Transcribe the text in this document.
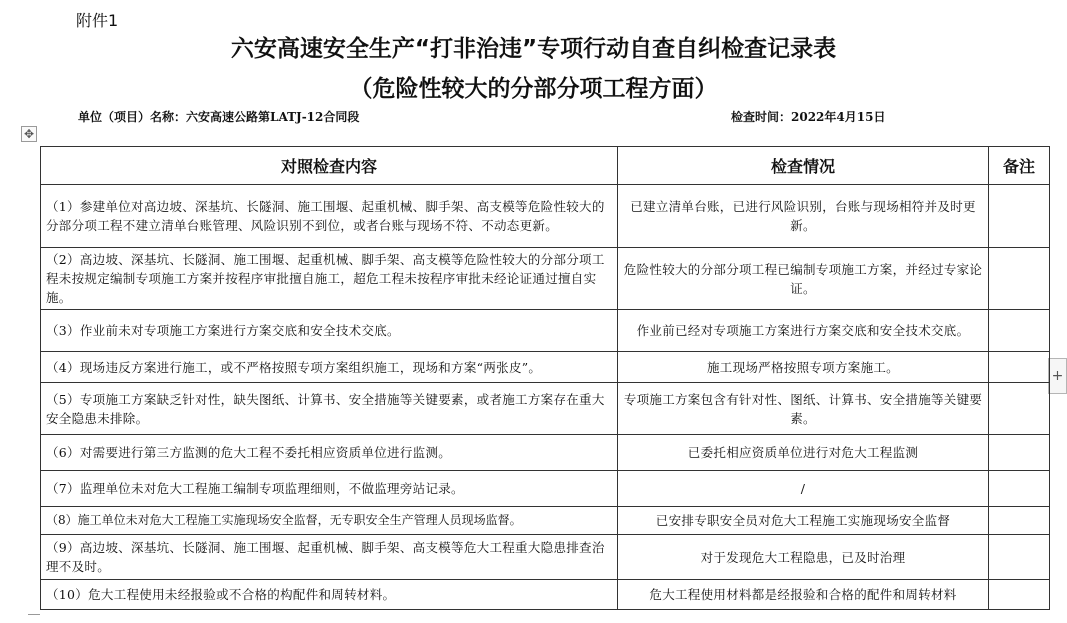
附件1
六安高速安全生产“打非治违”专项行动自查自纠检查记录表
（危险性较大的分部分项工程方面）
单位（项目）名称：六安高速公路第LATJ-12合同段	检查时间：2022年4月15日
✥
+
对照检查内容	检查情况	备注
（1）参建单位对高边坡、深基坑、长隧洞、施工围堰、起重机械、脚手架、高支模等危险性较大的分部分项工程不建立清单台账管理、风险识别不到位，或者台账与现场不符、不动态更新。	已建立清单台账，已进行风险识别，台账与现场相符并及时更新。	
（2）高边坡、深基坑、长隧洞、施工围堰、起重机械、脚手架、高支模等危险性较大的分部分项工程未按规定编制专项施工方案并按程序审批擅自施工，超危工程未按程序审批未经论证通过擅自实施。	危险性较大的分部分项工程已编制专项施工方案，并经过专家论证。	
（3）作业前未对专项施工方案进行方案交底和安全技术交底。	作业前已经对专项施工方案进行方案交底和安全技术交底。	
（4）现场违反方案进行施工，或不严格按照专项方案组织施工，现场和方案“两张皮”。	施工现场严格按照专项方案施工。	
（5）专项施工方案缺乏针对性，缺失图纸、计算书、安全措施等关键要素，或者施工方案存在重大安全隐患未排除。	专项施工方案包含有针对性、图纸、计算书、安全措施等关键要素。	
（6）对需要进行第三方监测的危大工程不委托相应资质单位进行监测。	已委托相应资质单位进行对危大工程监测	
（7）监理单位未对危大工程施工编制专项监理细则，不做监理旁站记录。	/	
（8）施工单位未对危大工程施工实施现场安全监督，无专职安全生产管理人员现场监督。	已安排专职安全员对危大工程施工实施现场安全监督	
（9）高边坡、深基坑、长隧洞、施工围堰、起重机械、脚手架、高支模等危大工程重大隐患排查治理不及时。	对于发现危大工程隐患，已及时治理	
（10）危大工程使用未经报验或不合格的构配件和周转材料。	危大工程使用材料都是经报验和合格的配件和周转材料	
